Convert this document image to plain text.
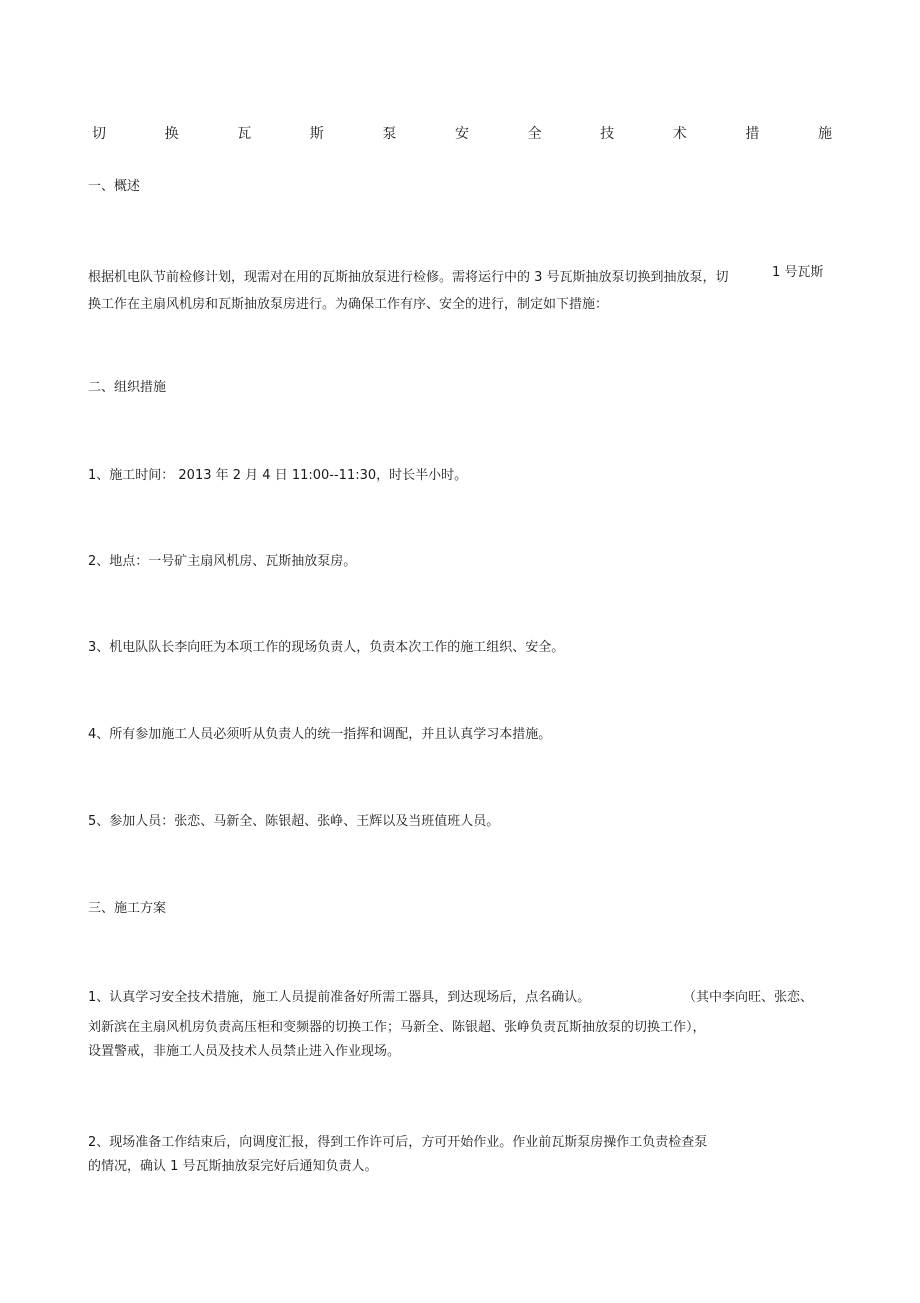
切	换	瓦	斯	泵	安	全	技	术	措	施
一、概述
根据机电队节前检修计划，现需对在用的瓦斯抽放泵进行检修。需将运行中的 3 号瓦斯抽放泵切换到抽放泵，切	1 号瓦斯
换工作在主扇风机房和瓦斯抽放泵房进行。为确保工作有序、安全的进行，制定如下措施：
二、组织措施
1、施工时间： 2013 年 2 月 4 日 11:00--11:30，时长半小时。
2、地点：一号矿主扇风机房、瓦斯抽放泵房。
3、机电队队长李向旺为本项工作的现场负责人，负责本次工作的施工组织、安全。
4、所有参加施工人员必须听从负责人的统一指挥和调配，并且认真学习本措施。
5、参加人员：张恋、马新全、陈银超、张峥、王辉以及当班值班人员。
三、施工方案
1、认真学习安全技术措施，施工人员提前准备好所需工器具，到达现场后，点名确认。	（其中李向旺、张恋、
刘新滨在主扇风机房负责高压柜和变频器的切换工作；马新全、陈银超、张峥负责瓦斯抽放泵的切换工作），
设置警戒，非施工人员及技术人员禁止进入作业现场。
2、现场准备工作结束后，向调度汇报，得到工作许可后，方可开始作业。作业前瓦斯泵房操作工负责检查泵
的情况，确认 1 号瓦斯抽放泵完好后通知负责人。
